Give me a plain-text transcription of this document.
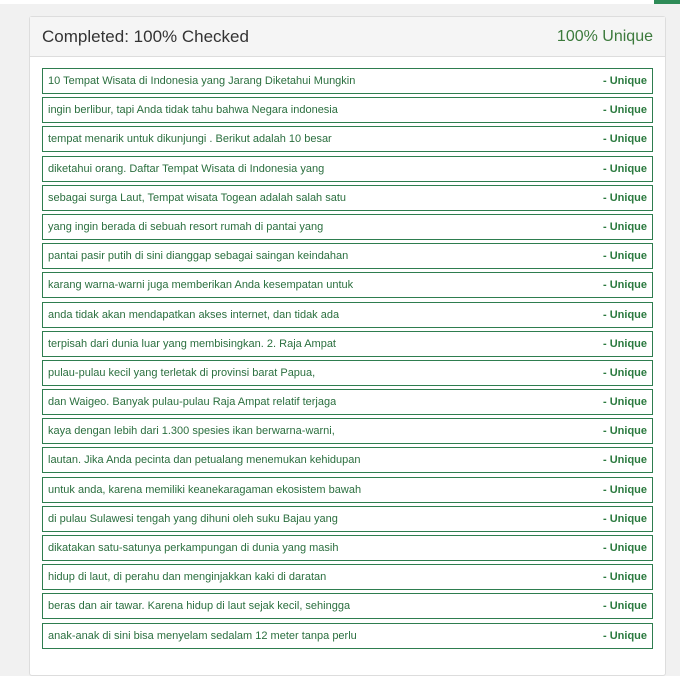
Completed: 100% Checked	100% Unique
10 Tempat Wisata di Indonesia yang Jarang Diketahui Mungkin	- Unique
ingin berlibur, tapi Anda tidak tahu bahwa Negara indonesia	- Unique
tempat menarik untuk dikunjungi . Berikut adalah 10 besar	- Unique
diketahui orang. Daftar Tempat Wisata di Indonesia yang	- Unique
sebagai surga Laut, Tempat wisata Togean adalah salah satu	- Unique
yang ingin berada di sebuah resort rumah di pantai yang	- Unique
pantai pasir putih di sini dianggap sebagai saingan keindahan	- Unique
karang warna-warni juga memberikan Anda kesempatan untuk	- Unique
anda tidak akan mendapatkan akses internet, dan tidak ada	- Unique
terpisah dari dunia luar yang membisingkan. 2. Raja Ampat	- Unique
pulau-pulau kecil yang terletak di provinsi barat Papua,	- Unique
dan Waigeo. Banyak pulau-pulau Raja Ampat relatif terjaga	- Unique
kaya dengan lebih dari 1.300 spesies ikan berwarna-warni,	- Unique
lautan. Jika Anda pecinta dan petualang menemukan kehidupan	- Unique
untuk anda, karena memiliki keanekaragaman ekosistem bawah	- Unique
di pulau Sulawesi tengah yang dihuni oleh suku Bajau yang	- Unique
dikatakan satu-satunya perkampungan di dunia yang masih	- Unique
hidup di laut, di perahu dan menginjakkan kaki di daratan	- Unique
beras dan air tawar. Karena hidup di laut sejak kecil, sehingga	- Unique
anak-anak di sini bisa menyelam sedalam 12 meter tanpa perlu	- Unique
